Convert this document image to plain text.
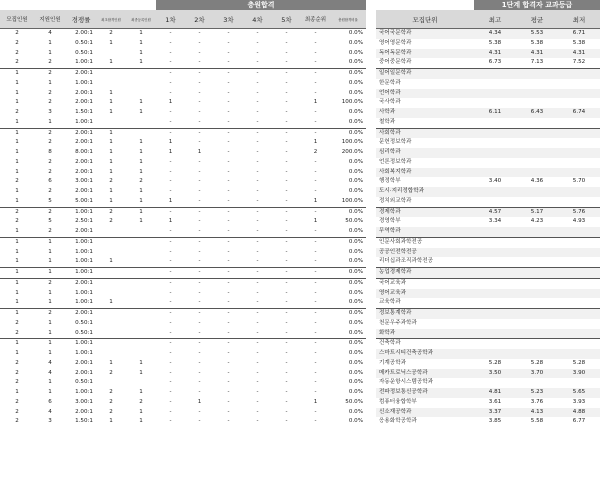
					충원합격						
모집인원	지원인원	경쟁률	최초합격인원	최종등록인원	1차	2차	3차	4차	5차	최종순위	충원합격비율
2	4	2.00:1	2	1	-	-	-	-	-	-	0.0%
2	1	0.50:1	1	1	-	-	-	-	-	-	0.0%
2	1	0.50:1		1	-	-	-	-	-	-	0.0%
2	2	1.00:1	1	1	-	-	-	-	-	-	0.0%
1	2	2.00:1			-	-	-	-	-	-	0.0%
1	1	1.00:1			-	-	-	-	-	-	0.0%
1	2	2.00:1	1		-	-	-	-	-	-	0.0%
1	2	2.00:1	1	1	1	-	-	-	-	1	100.0%
2	3	1.50:1	1	1	-	-	-	-	-	-	0.0%
1	1	1.00:1			-	-	-	-	-	-	0.0%
1	2	2.00:1	1		-	-	-	-	-	-	0.0%
1	2	2.00:1	1	1	1	-	-	-	-	1	100.0%
1	8	8.00:1	1	1	1	1	-	-	-	2	200.0%
1	2	2.00:1	1	1	-	-	-	-	-	-	0.0%
1	2	2.00:1	1	1	-	-	-	-	-	-	0.0%
2	6	3.00:1	2	2	-	-	-	-	-	-	0.0%
1	2	2.00:1	1	1	-	-	-	-	-	-	0.0%
1	5	5.00:1	1	1	1	-	-	-	-	1	100.0%
2	2	1.00:1	2	1	-	-	-	-	-	-	0.0%
2	5	2.50:1	2	1	1	-	-	-	-	1	50.0%
1	2	2.00:1			-	-	-	-	-	-	0.0%
1	1	1.00:1			-	-	-	-	-	-	0.0%
1	1	1.00:1			-	-	-	-	-	-	0.0%
1	1	1.00:1	1		-	-	-	-	-	-	0.0%
1	1	1.00:1			-	-	-	-	-	-	0.0%
1	2	2.00:1			-	-	-	-	-	-	0.0%
1	1	1.00:1			-	-	-	-	-	-	0.0%
1	1	1.00:1	1		-	-	-	-	-	-	0.0%
1	2	2.00:1			-	-	-	-	-	-	0.0%
2	1	0.50:1			-	-	-	-	-	-	0.0%
2	1	0.50:1			-	-	-	-	-	-	0.0%
1	1	1.00:1			-	-	-	-	-	-	0.0%
1	1	1.00:1			-	-	-	-	-	-	0.0%
2	4	2.00:1	1	1	-	-	-	-	-	-	0.0%
2	4	2.00:1	2	1	-	-	-	-	-	-	0.0%
2	1	0.50:1			-	-	-	-	-	-	0.0%
1	1	1.00:1	2	1	-	-	-	-	-	-	0.0%
2	6	3.00:1	2	2	-	1	-	-	-	1	50.0%
2	4	2.00:1	2	1	-	-	-	-	-	-	0.0%
2	3	1.50:1	1	1	-	-	-	-	-	-	0.0%
	1단계 합격자 교과등급		
모집단위	최고	평균	최저
국어국문학과	4.34	5.53	6.71
영어영문학과	5.38	5.38	5.38
독어독문학과	4.31	4.31	4.31
중어중문학과	6.73	7.13	7.52
일어일문학과			
한문학과			
언어학과			
국사학과			
사학과	6.11	6.43	6.74
철학과			
사회학과			
문헌정보학과			
심리학과			
언론정보학과			
사회복지학과			
행정학부	3.40	4.36	5.70
도시·지리정합학과			
정치외교학과			
경제학과	4.57	5.17	5.76
경영학부	3.34	4.23	4.93
무역학과			
인문사회과학전공			
공공인전학전공			
리더십과조직과학전공			
농업경제학과			
국어교육과			
영어교육과			
교육학과			
정보통계학과			
천문우주과학과			
화학과			
건축학과			
스마트시티건축공학과			
기계공학과	5.28	5.28	5.28
메카트로닉스공학과	3.50	3.70	3.90
자동운항시스템공학과			
전파정보통신공학과	4.81	5.23	5.65
컴퓨터융합학부	3.61	3.76	3.93
신소재공학과	3.37	4.13	4.88
응용화학공학과	3.85	5.58	6.77
